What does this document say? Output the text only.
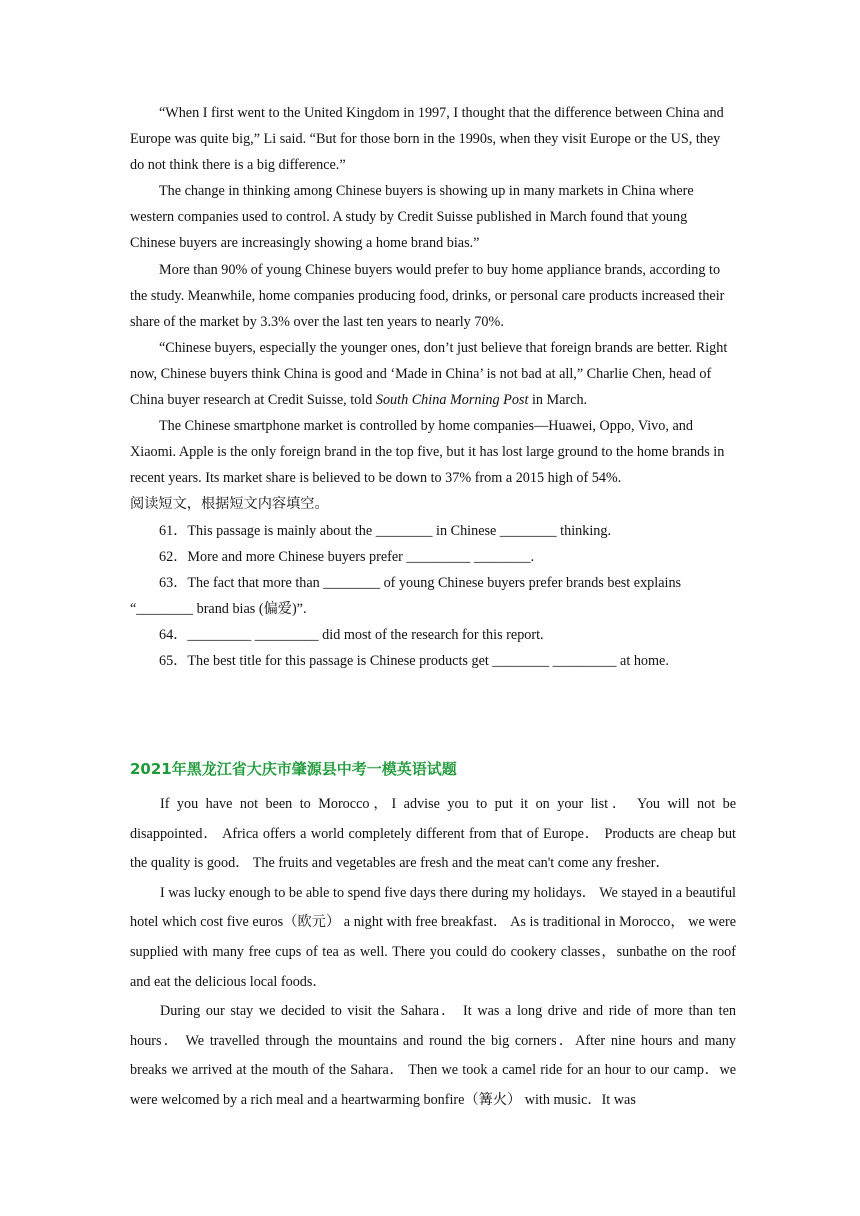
“When I first went to the United Kingdom in 1997, I thought that the difference between China and Europe was quite big,” Li said. “But for those born in the 1990s, when they visit Europe or the US, they do not think there is a big difference.”

The change in thinking among Chinese buyers is showing up in many markets in China where western companies used to control. A study by Credit Suisse published in March found that young Chinese buyers are increasingly showing a home brand bias.”

More than 90% of young Chinese buyers would prefer to buy home appliance brands, according to the study. Meanwhile, home companies producing food, drinks, or personal care products increased their share of the market by 3.3% over the last ten years to nearly 70%.

“Chinese buyers, especially the younger ones, don’t just believe that foreign brands are better. Right now, Chinese buyers think China is good and ‘Made in China’ is not bad at all,” Charlie Chen, head of China buyer research at Credit Suisse, told South China Morning Post in March.

The Chinese smartphone market is controlled by home companies—Huawei, Oppo, Vivo, and Xiaomi. Apple is the only foreign brand in the top five, but it has lost large ground to the home brands in recent years. Its market share is believed to be down to 37% from a 2015 high of 54%.

阅读短文，根据短文内容填空。

61．This passage is mainly about the ________ in Chinese ________ thinking.

62．More and more Chinese buyers prefer _________ ________.

63．The fact that more than ________ of young Chinese buyers prefer brands best explains “________ brand bias (偏爱)”.

64．_________ _________ did most of the research for this report.

65．The best title for this passage is Chinese products get ________ _________ at home.

2021年黑龙江省大庆市肇源县中考一模英语试题

If you have not been to Morocco，I advise you to put it on your list． You will not be disappointed． Africa offers a world completely different from that of Europe． Products are cheap but the quality is good． The fruits and vegetables are fresh and the meat can't come any fresher．

I was lucky enough to be able to spend five days there during my holidays． We stayed in a beautiful hotel which cost five euros（欧元） a night with free breakfast． As is traditional in Morocco， we were supplied with many free cups of tea as well. There you could do cookery classes，sunbathe on the roof and eat the delicious local foods．

During our stay we decided to visit the Sahara． It was a long drive and ride of more than ten hours． We travelled through the mountains and round the big corners．After nine hours and many breaks we arrived at the mouth of the Sahara． Then we took a camel ride for an hour to our camp．we were welcomed by a rich meal and a heartwarming bonfire（篝火） with music．It was
